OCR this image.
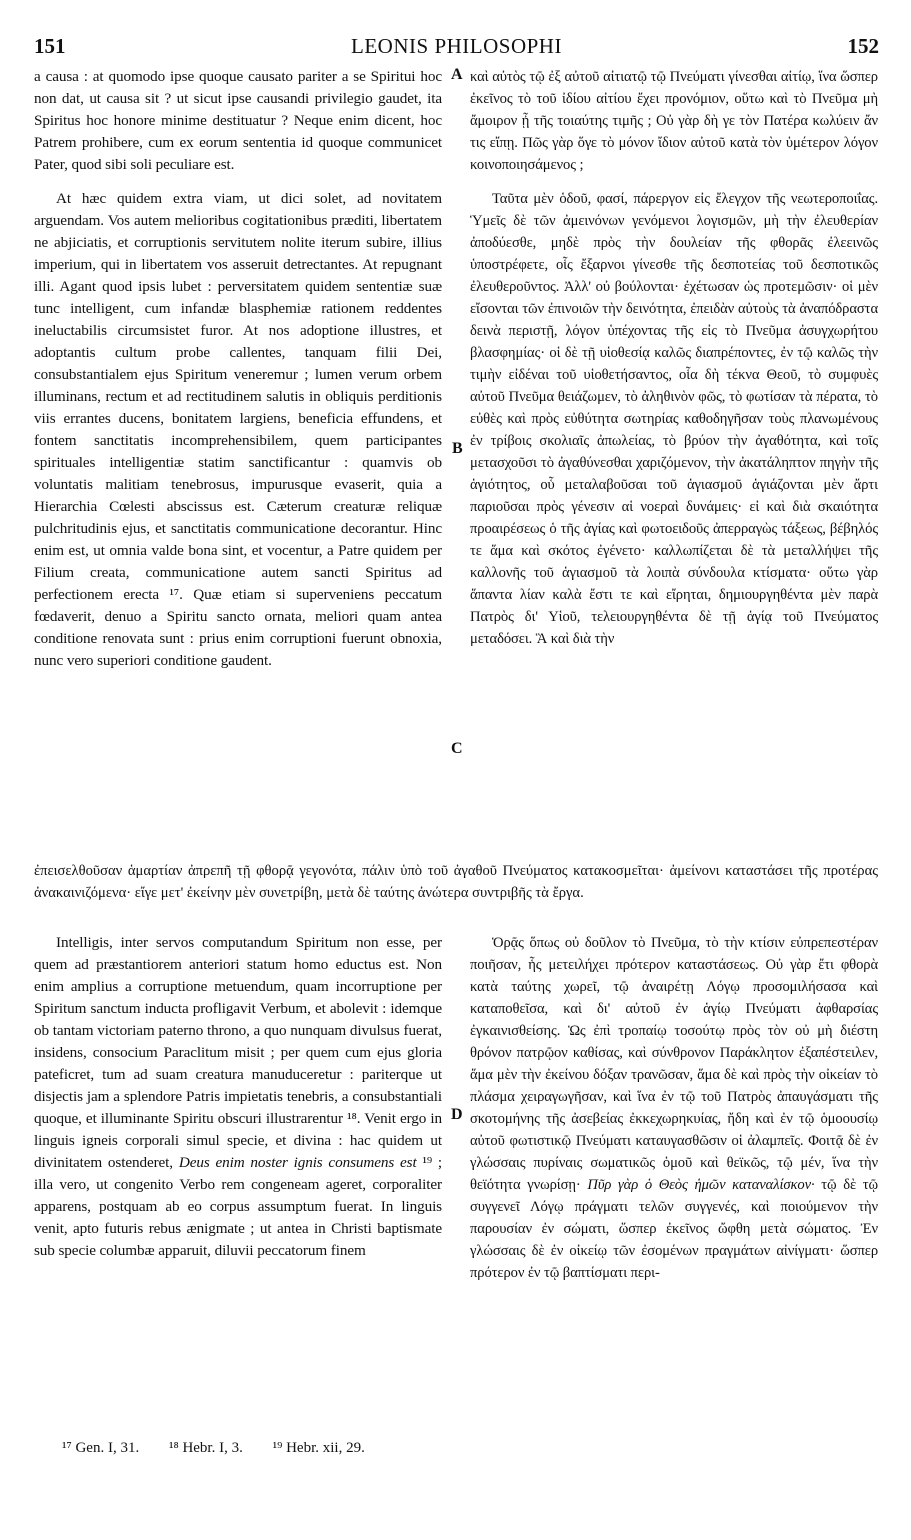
151	LEONIS PHILOSOPHI	152

a causa : at quomodo ipse quoque causato pariter a se Spiritui hoc non dat, ut causa sit ? ut sicut ipse causandi privilegio gaudet, ita Spiritus hoc honore minime destituatur ? Neque enim dicent, hoc Patrem prohibere, cum ex eorum sententia id quoque communicet Pater, quod sibi soli peculiare est.

At hæc quidem extra viam, ut dici solet, ad novitatem arguendam. Vos autem melioribus cogitationibus præditi, libertatem ne abjiciatis, et corruptionis servitutem nolite iterum subire, illius imperium, qui in libertatem vos asseruit detrectantes. At repugnant illi. Agant quod ipsis lubet : perversitatem quidem sententiæ suæ tunc intelligent, cum infandæ blasphemiæ rationem reddentes ineluctabilis circumsistet furor. At nos adoptione illustres, et adoptantis cultum probe callentes, tanquam filii Dei, consubstantialem ejus Spiritum veneremur ; lumen verum orbem illuminans, rectum et ad rectitudinem salutis in obliquis perditionis viis errantes ducens, bonitatem largiens, beneficia effundens, et fontem sanctitatis incomprehensibilem, quem participantes spirituales intelligentiæ statim sanctificantur : quamvis ob voluntatis malitiam tenebrosus, impurusque evaserit, quia a Hierarchia Cœlesti abscissus est. Cæterum creaturæ reliquæ pulchritudinis ejus, et sanctitatis communicatione decorantur. Hinc enim est, ut omnia valde bona sint, et vocentur, a Patre quidem per Filium creata, communicatione autem sancti Spiritus ad perfectionem erecta ¹⁷. Quæ etiam si superveniens peccatum fœdaverit, denuo a Spiritu sancto ornata, meliori quam antea conditione renovata sunt : prius enim corruptioni fuerunt obnoxia, nunc vero superiori conditione gaudent.

A
B
C
D

καὶ αὐτὸς τῷ ἐξ αὐτοῦ αἰτιατῷ τῷ Πνεύματι γίνεσθαι αἰτίῳ, ἵνα ὥσπερ ἐκεῖνος τὸ τοῦ ἰδίου αἰτίου ἔχει προνόμιον, οὕτω καὶ τὸ Πνεῦμα μὴ ἄμοιρον ᾖ τῆς τοιαύτης τιμῆς ; Οὐ γὰρ δὴ γε τὸν Πατέρα κωλύειν ἄν τις εἴπῃ. Πῶς γὰρ ὅγε τὸ μόνον ἴδιον αὐτοῦ κατὰ τὸν ὑμέτερον λόγον κοινοποιησάμενος ;

Ταῦτα μὲν ὁδοῦ, φασί, πάρεργον εἰς ἔλεγχον τῆς νεωτεροποιΐας. Ὑμεῖς δὲ τῶν ἀμεινόνων γενόμενοι λογισμῶν, μὴ τὴν ἐλευθερίαν ἀποδύεσθε, μηδὲ πρὸς τὴν δουλείαν τῆς φθορᾶς ἐλεεινῶς ὑποστρέφετε, οἷς ἔξαρνοι γίνεσθε τῆς δεσποτείας τοῦ δεσποτικῶς ἐλευθεροῦντος. Ἀλλ' οὐ βούλονται· ἐχέτωσαν ὡς προτεμῶσιν· οἱ μὲν εἴσονται τῶν ἐπινοιῶν τὴν δεινότητα, ἐπειδὰν αὐτοὺς τὰ ἀναπόδραστα δεινὰ περιστῇ, λόγον ὑπέχοντας τῆς εἰς τὸ Πνεῦμα ἀσυγχωρήτου βλασφημίας· οἱ δὲ τῇ υἱοθεσίᾳ καλῶς διαπρέποντες, ἐν τῷ καλῶς τὴν τιμὴν εἰδέναι τοῦ υἱοθετήσαντος, οἷα δὴ τέκνα Θεοῦ, τὸ συμφυὲς αὐτοῦ Πνεῦμα θειάζωμεν, τὸ ἀληθινὸν φῶς, τὸ φωτίσαν τὰ πέρατα, τὸ εὐθὲς καὶ πρὸς εὐθύτητα σωτηρίας καθοδηγῆσαν τοὺς πλανωμένους ἐν τρίβοις σκολιαῖς ἀπωλείας, τὸ βρύον τὴν ἀγαθότητα, καὶ τοῖς μετασχοῦσι τὸ ἀγαθύνεσθαι χαριζόμενον, τὴν ἀκατάληπτον πηγὴν τῆς ἁγιότητος, οὗ μεταλαβοῦσαι τοῦ ἁγιασμοῦ ἁγιάζονται μὲν ἄρτι παριοῦσαι πρὸς γένεσιν αἱ νοεραὶ δυνάμεις· εἰ καὶ διὰ σκαιότητα προαιρέσεως ὁ τῆς ἁγίας καὶ φωτοειδοῦς ἀπερραγὼς τάξεως, βέβηλός τε ἅμα καὶ σκότος ἐγένετο· καλλωπίζεται δὲ τὰ μεταλλήψει τῆς καλλονῆς τοῦ ἁγιασμοῦ τὰ λοιπὰ σύνδουλα κτίσματα· οὕτω γὰρ ἅπαντα λίαν καλὰ ἔστι τε καὶ εἴρηται, δημιουργηθέντα μὲν παρὰ Πατρὸς δι' Υἱοῦ, τελειουργηθέντα δὲ τῇ ἁγίᾳ τοῦ Πνεύματος μεταδόσει. Ἃ καὶ διὰ τὴν

ἐπεισελθοῦσαν ἁμαρτίαν ἀπρεπῆ τῇ φθορᾷ γεγονότα, πάλιν ὑπὸ τοῦ ἀγαθοῦ Πνεύματος κατακοσμεῖται· ἀμείνονι καταστάσει τῆς προτέρας ἀνακαινιζόμενα· εἴγε μετ' ἐκείνην μὲν συνετρίβη, μετὰ δὲ ταύτης ἀνώτερα συντριβῆς τὰ ἔργα.

Intelligis, inter servos computandum Spiritum non esse, per quem ad præstantiorem anteriori statum homo eductus est. Non enim amplius a corruptione metuendum, quam incorruptione per Spiritum sanctum inducta profligavit Verbum, et abolevit : idemque ob tantam victoriam paterno throno, a quo nunquam divulsus fuerat, insidens, consocium Paraclitum misit ; per quem cum ejus gloria pateficret, tum ad suam creatura manuduceretur : pariterque ut disjectis jam a splendore Patris impietatis tenebris, a consubstantiali quoque, et illuminante Spiritu obscuri illustrarentur ¹⁸. Venit ergo in linguis igneis corporali simul specie, et divina : hac quidem ut divinitatem ostenderet, Deus enim noster ignis consumens est ¹⁹ ; illa vero, ut congenito Verbo rem congeneam ageret, corporaliter apparens, postquam ab eo corpus assumptum fuerat. In linguis venit, apto futuris rebus ænigmate ; ut antea in Christi baptismate sub specie columbæ apparuit, diluvii peccatorum finem

Ὁρᾷς ὅπως οὐ δοῦλον τὸ Πνεῦμα, τὸ τὴν κτίσιν εὐπρεπεστέραν ποιῆσαν, ἧς μετειλήχει πρότερον καταστάσεως. Οὐ γὰρ ἔτι φθορὰ κατὰ ταύτης χωρεῖ, τῷ ἀναιρέτῃ Λόγῳ προσομιλήσασα καὶ καταποθεῖσα, καὶ δι' αὐτοῦ ἐν ἁγίῳ Πνεύματι ἀφθαρσίας ἐγκαινισθείσης. Ὡς ἐπὶ τροπαίῳ τοσούτῳ πρὸς τὸν οὐ μὴ διέστη θρόνον πατρῷον καθίσας, καὶ σύνθρονον Παράκλητον ἐξαπέστειλεν, ἅμα μὲν τὴν ἐκείνου δόξαν τρανῶσαν, ἅμα δὲ καὶ πρὸς τὴν οἰκείαν τὸ πλάσμα χειραγωγῆσαν, καὶ ἵνα ἐν τῷ τοῦ Πατρὸς ἀπαυγάσματι τῆς σκοτομήνης τῆς ἀσεβείας ἐκκεχωρηκυίας, ἤδη καὶ ἐν τῷ ὁμοουσίῳ αὐτοῦ φωτιστικῷ Πνεύματι καταυγασθῶσιν οἱ ἀλαμπεῖς. Φοιτᾷ δὲ ἐν γλώσσαις πυρίναις σωματικῶς ὁμοῦ καὶ θεϊκῶς, τῷ μέν, ἵνα τὴν θεϊότητα γνωρίσῃ· Πῦρ γὰρ ὁ Θεὸς ἡμῶν καταναλίσκον· τῷ δὲ τῷ συγγενεῖ Λόγῳ πράγματι τελῶν συγγενές, καὶ ποιούμενον τὴν παρουσίαν ἐν σώματι, ὥσπερ ἐκεῖνος ὤφθη μετὰ σώματος. Ἐν γλώσσαις δὲ ἐν οἰκείῳ τῶν ἐσομένων πραγμάτων αἰνίγματι· ὥσπερ πρότερον ἐν τῷ βαπτίσματι περι-

¹⁷ Gen. I, 31. ¹⁸ Hebr. I, 3. ¹⁹ Hebr. xii, 29.
